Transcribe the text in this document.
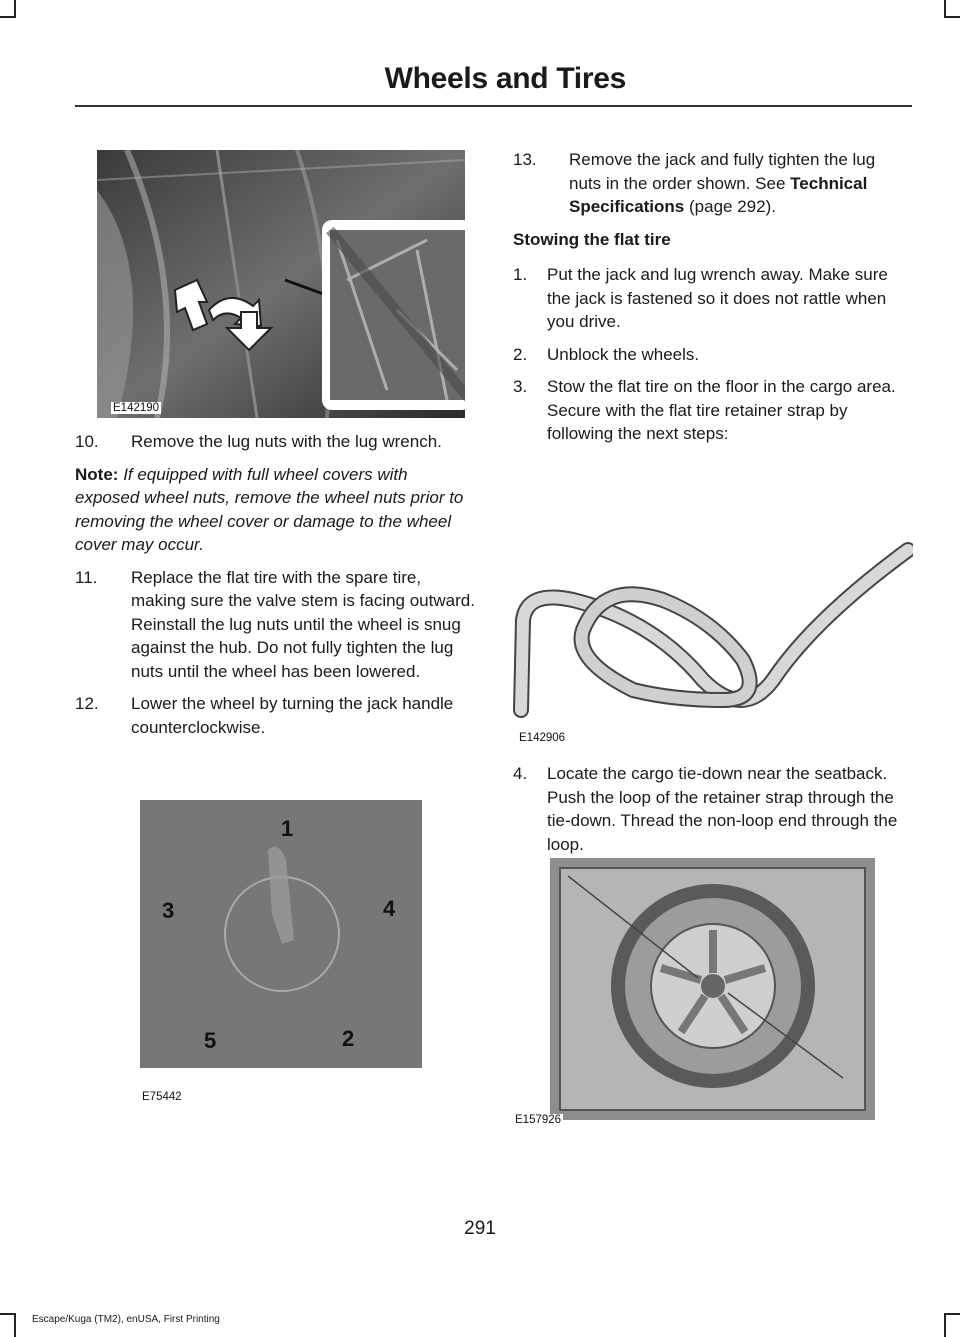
Wheels and Tires
E142190
1
4
2
5
3
E75442
E142906
E157926
10. Remove the lug nuts with the lug wrench.
Note: If equipped with full wheel covers with exposed wheel nuts, remove the wheel nuts prior to removing the wheel cover or damage to the wheel cover may occur.
11. Replace the flat tire with the spare tire, making sure the valve stem is facing outward. Reinstall the lug nuts until the wheel is snug against the hub. Do not fully tighten the lug nuts until the wheel has been lowered.
12. Lower the wheel by turning the jack handle counterclockwise.
13. Remove the jack and fully tighten the lug nuts in the order shown. See Technical Specifications (page 292).
Stowing the flat tire
1. Put the jack and lug wrench away. Make sure the jack is fastened so it does not rattle when you drive.
2. Unblock the wheels.
3. Stow the flat tire on the floor in the cargo area. Secure with the flat tire retainer strap by following the next steps:
4. Locate the cargo tie-down near the seatback. Push the loop of the retainer strap through the tie-down. Thread the non-loop end through the loop.
291
Escape/Kuga (TM2), enUSA, First Printing
